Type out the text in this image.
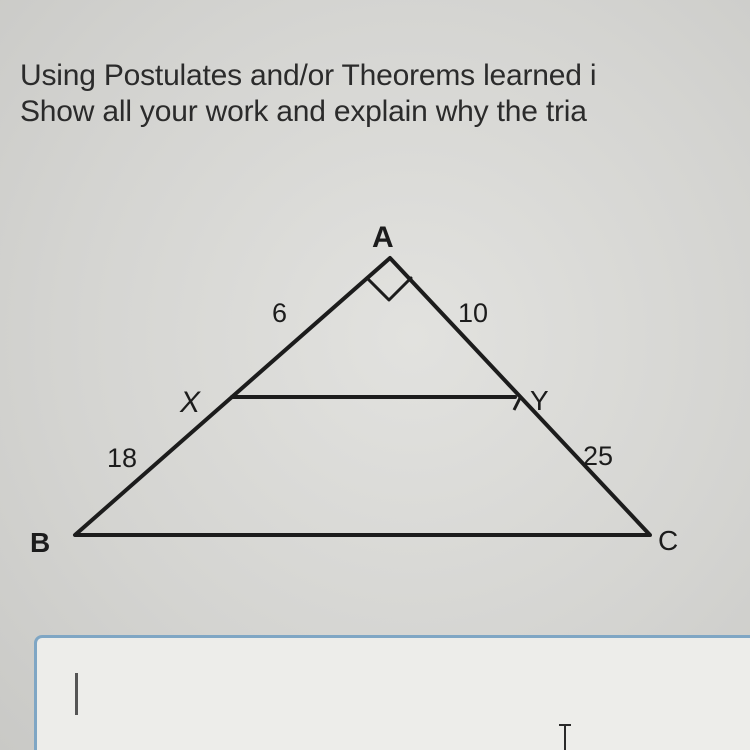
Using Postulates and/or Theorems learned i
Show all your work and explain why the tria
A
B	C
X	Y
6	10
18	25
